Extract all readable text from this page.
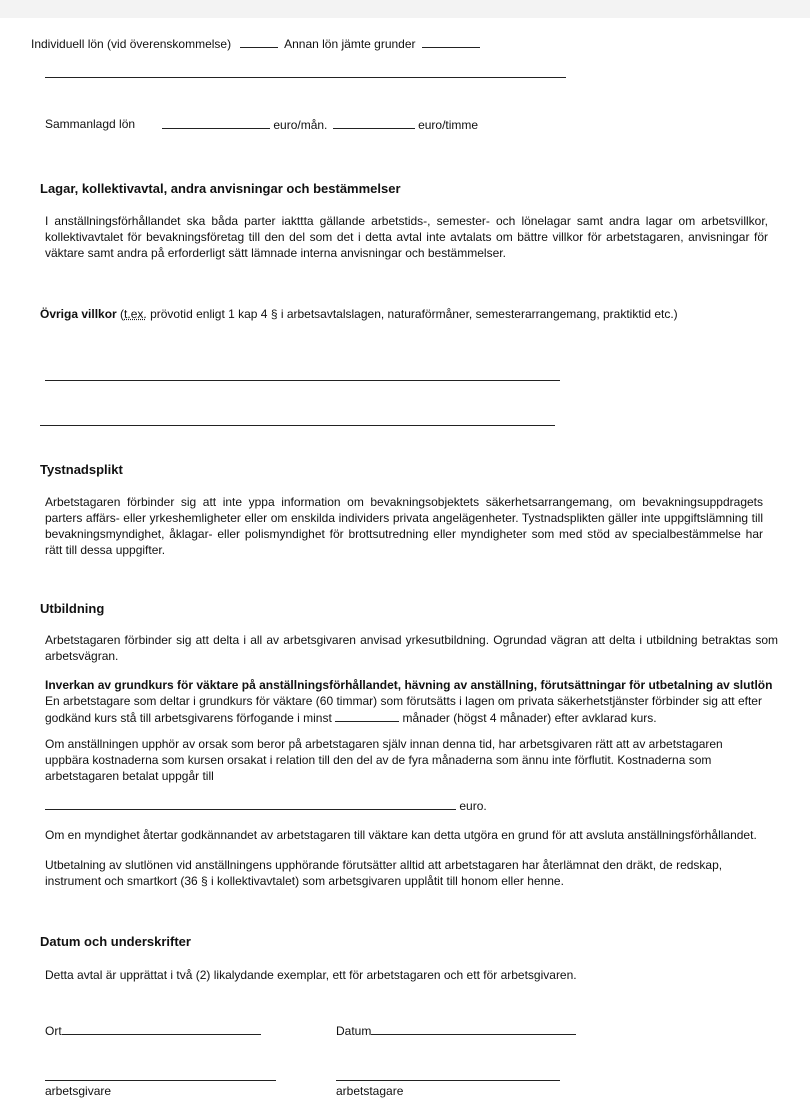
Individuell lön (vid överenskommelse)	Annan lön jämte grunder
Sammanlagd lön	euro/mån.	euro/timme
Lagar, kollektivavtal, andra anvisningar och bestämmelser
I anställningsförhållandet ska båda parter iakttta gällande arbetstids-, semester- och lönelagar samt andra lagar om arbetsvillkor, kollektivavtalet för bevakningsföretag till den del som det i detta avtal inte avtalats om bättre villkor för arbetstagaren, anvisningar för väktare samt andra på erforderligt sätt lämnade interna anvisningar och bestämmelser.
Övriga villkor (t.ex. prövotid enligt 1 kap 4 § i arbetsavtalslagen, naturaförmåner, semesterarrangemang, praktiktid etc.)
Tystnadsplikt
Arbetstagaren förbinder sig att inte yppa information om bevakningsobjektets säkerhetsarrangemang, om bevakningsuppdragets parters affärs- eller yrkeshemligheter eller om enskilda individers privata angelägenheter. Tystnadsplikten gäller inte uppgiftslämning till bevakningsmyndighet, åklagar- eller polismyndighet för brottsutredning eller myndigheter som med stöd av specialbestämmelse har rätt till dessa uppgifter.
Utbildning
Arbetstagaren förbinder sig att delta i all av arbetsgivaren anvisad yrkesutbildning. Ogrundad vägran att delta i utbildning betraktas som arbetsvägran.
Inverkan av grundkurs för väktare på anställningsförhållandet, hävning av anställning, förutsättningar för utbetalning av slutlön En arbetstagare som deltar i grundkurs för väktare (60 timmar) som förutsätts i lagen om privata säkerhetstjänster förbinder sig att efter godkänd kurs stå till arbetsgivarens förfogande i minst	månader (högst 4 månader) efter avklarad kurs.
Om anställningen upphör av orsak som beror på arbetstagaren själv innan denna tid, har arbetsgivaren rätt att av arbetstagaren uppbära kostnaderna som kursen orsakat i relation till den del av de fyra månaderna som ännu inte förflutit. Kostnaderna som arbetstagaren betalat uppgår till
euro.
Om en myndighet återtar godkännandet av arbetstagaren till väktare kan detta utgöra en grund för att avsluta anställningsförhållandet.
Utbetalning av slutlönen vid anställningens upphörande förutsätter alltid att arbetstagaren har återlämnat den dräkt, de redskap, instrument och smartkort (36 § i kollektivavtalet) som arbetsgivaren upplåtit till honom eller henne.
Datum och underskrifter
Detta avtal är upprättat i två (2) likalydande exemplar, ett för arbetstagaren och ett för arbetsgivaren.
Ort	Datum
arbetsgivare	arbetstagare
